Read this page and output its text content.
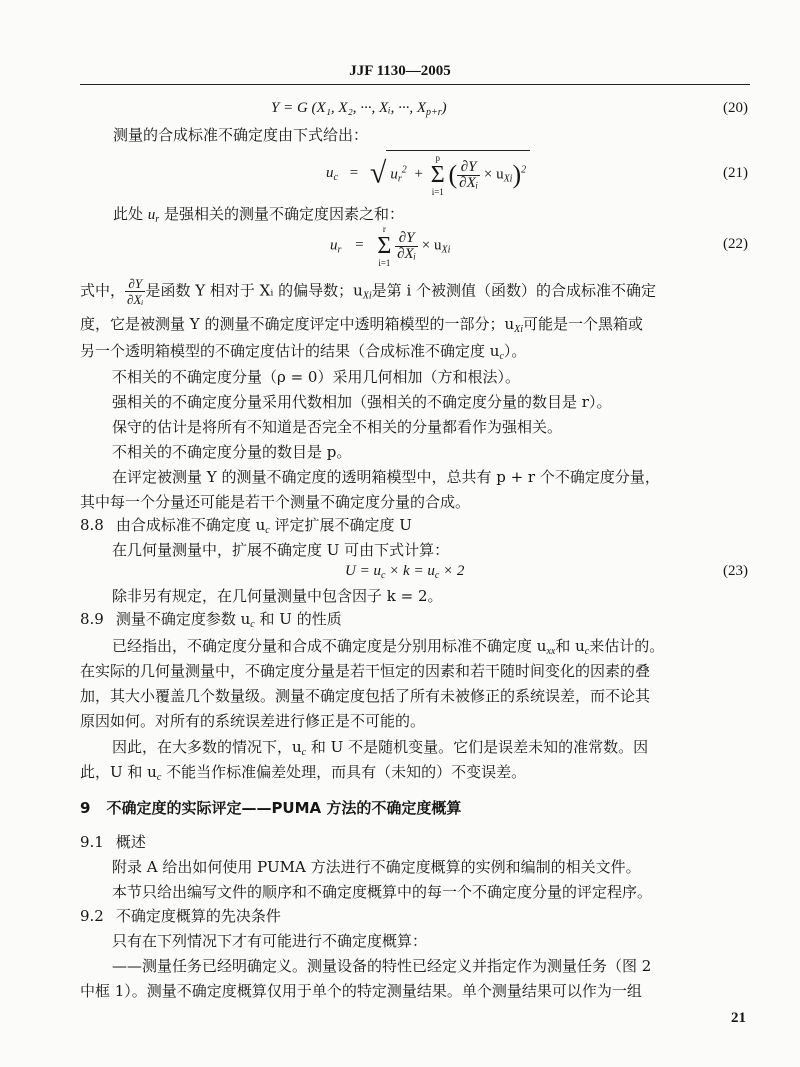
JJF 1130—2005
Y = G (X₁, X₂, ···, Xᵢ, ···, $X_{p+r}$)	(20)
测量的合成标准不确定度由下式给出：
$u_c$ = √ $u_r^2$ +
p
Σ
i=1
( $\frac{\partial Y}{\text{∂Xᵢ}} \times u_{Xi})^2$	(21)
此处 $u_r$ 是强相关的测量不确定度因素之和：
$u_r$ =
r
Σ
i=1

$\frac{\partial Y}{\text{∂Xᵢ}} \times u_{Xi}$	(22)
式中， $\frac{\partial Y}{\text{∂Xᵢ}}$ 是函数 Y 相对于 Xᵢ 的偏导数；$u_{Xi}$是第 i 个被测值（函数）的合成标准不确定
度，它是被测量 Y 的测量不确定度评定中透明箱模型的一部分；$u_{Xi}$可能是一个黑箱或
另一个透明箱模型的不确定度估计的结果（合成标准不确定度 $u_c$）。
不相关的不确定度分量（ρ = 0）采用几何相加（方和根法）。
强相关的不确定度分量采用代数相加（强相关的不确定度分量的数目是 r）。
保守的估计是将所有不知道是否完全不相关的分量都看作为强相关。
不相关的不确定度分量的数目是 p。
在评定被测量 Y 的测量不确定度的透明箱模型中，总共有 p + r 个不确定度分量，
其中每一个分量还可能是若干个测量不确定度分量的合成。
8.8 由合成标准不确定度 $u_c$ 评定扩展不确定度 U
在几何量测量中，扩展不确定度 U 可由下式计算：
$U = u_c \times k = u_c \times 2$	(23)
除非另有规定，在几何量测量中包含因子 k = 2。
8.9 测量不确定度参数 $u_c$ 和 U 的性质
已经指出，不确定度分量和合成不确定度是分别用标准不确定度 $u_{xx}$和 $u_c$来估计的。
在实际的几何量测量中，不确定度分量是若干恒定的因素和若干随时间变化的因素的叠
加，其大小覆盖几个数量级。测量不确定度包括了所有未被修正的系统误差，而不论其
原因如何。对所有的系统误差进行修正是不可能的。
因此，在大多数的情况下，$u_c$ 和 U 不是随机变量。它们是误差未知的准常数。因
此，U 和 $u_c$ 不能当作标准偏差处理，而具有（未知的）不变误差。
9 不确定度的实际评定——PUMA 方法的不确定度概算
9.1 概述
附录 A 给出如何使用 PUMA 方法进行不确定度概算的实例和编制的相关文件。
本节只给出编写文件的顺序和不确定度概算中的每一个不确定度分量的评定程序。
9.2 不确定度概算的先决条件
只有在下列情况下才有可能进行不确定度概算：
——测量任务已经明确定义。测量设备的特性已经定义并指定作为测量任务（图 2
中框 1）。测量不确定度概算仅用于单个的特定测量结果。单个测量结果可以作为一组
21
